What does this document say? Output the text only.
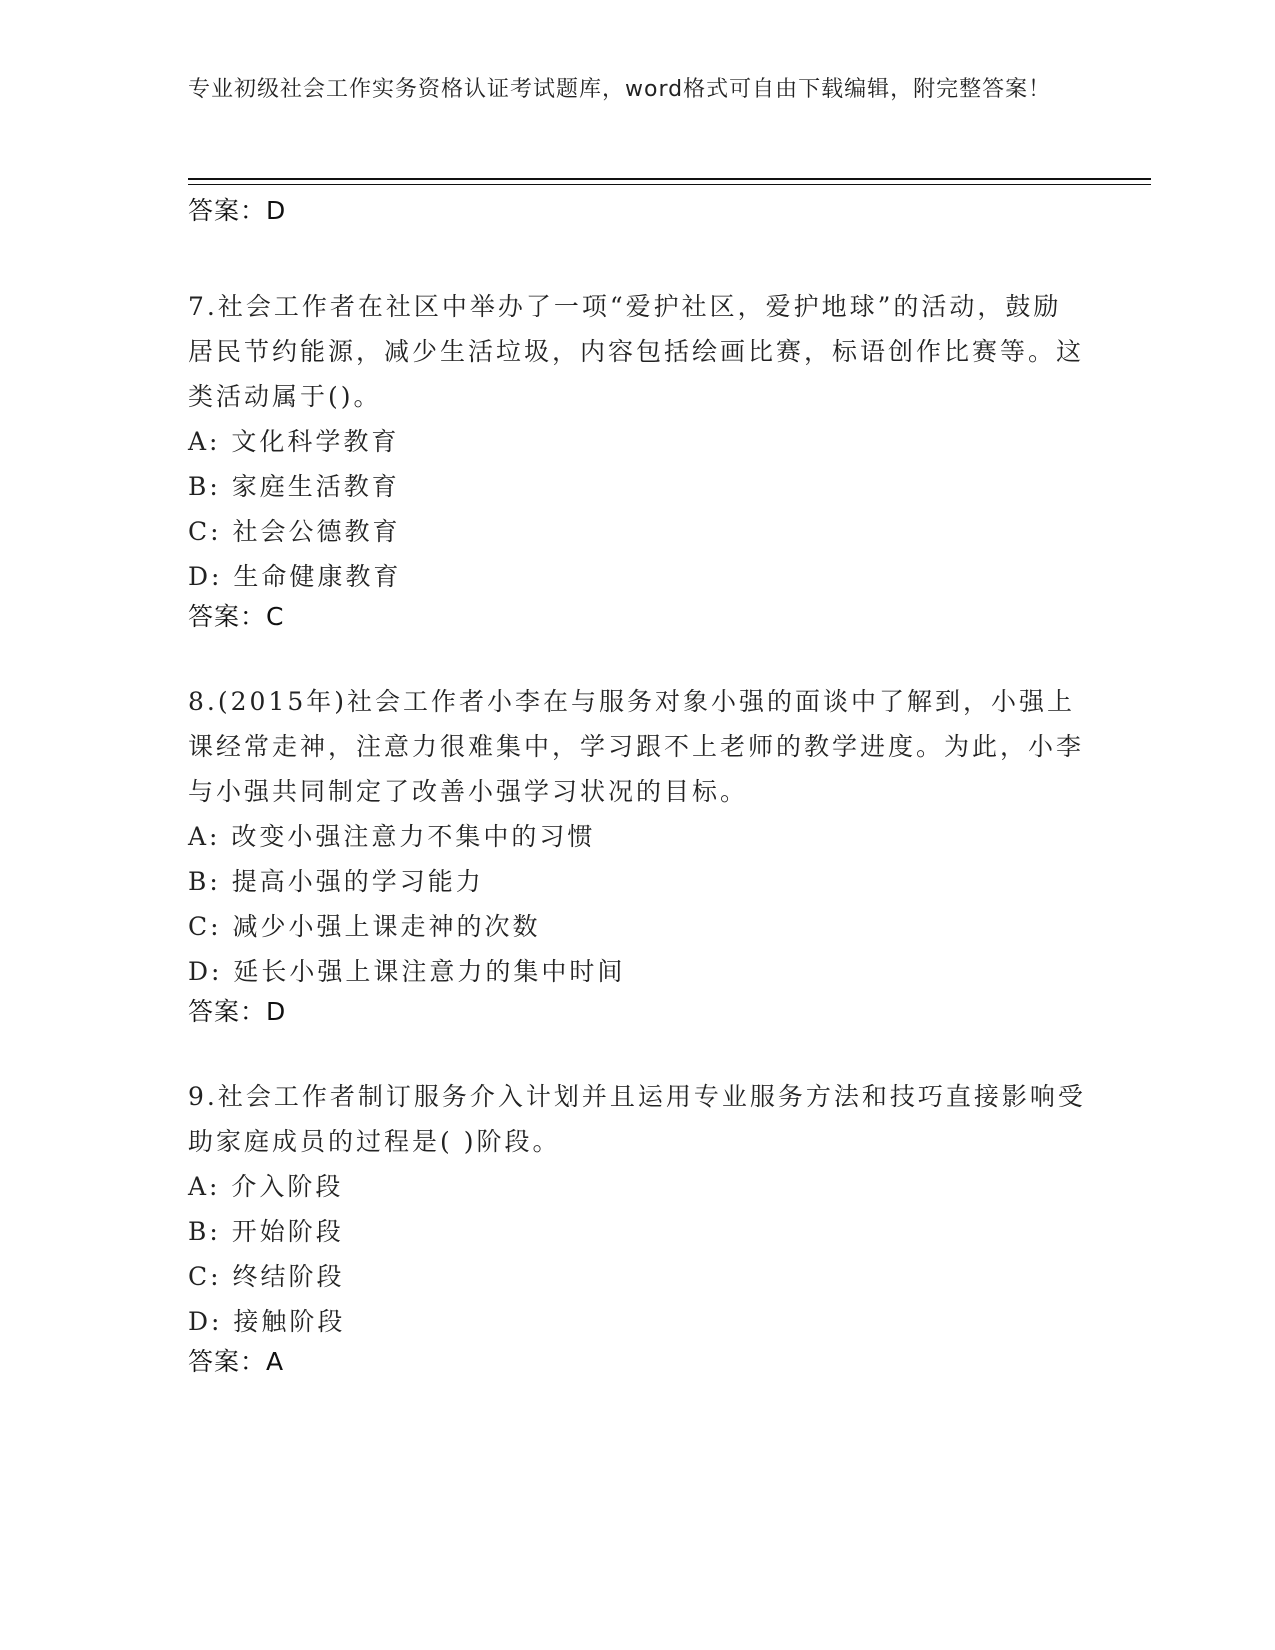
专业初级社会工作实务资格认证考试题库，word格式可自由下载编辑，附完整答案！

答案：D

7.社会工作者在社区中举办了一项“爱护社区，爱护地球”的活动，鼓励居民节约能源，减少生活垃圾，内容包括绘画比赛，标语创作比赛等。这类活动属于()。

A: 文化科学教育

B: 家庭生活教育

C: 社会公德教育

D: 生命健康教育

答案：C

8.(2015年)社会工作者小李在与服务对象小强的面谈中了解到，小强上课经常走神，注意力很难集中，学习跟不上老师的教学进度。为此，小李与小强共同制定了改善小强学习状况的目标。

A: 改变小强注意力不集中的习惯

B: 提高小强的学习能力

C: 减少小强上课走神的次数

D: 延长小强上课注意力的集中时间

答案：D

9.社会工作者制订服务介入计划并且运用专业服务方法和技巧直接影响受助家庭成员的过程是( )阶段。

A: 介入阶段

B: 开始阶段

C: 终结阶段

D: 接触阶段

答案：A
